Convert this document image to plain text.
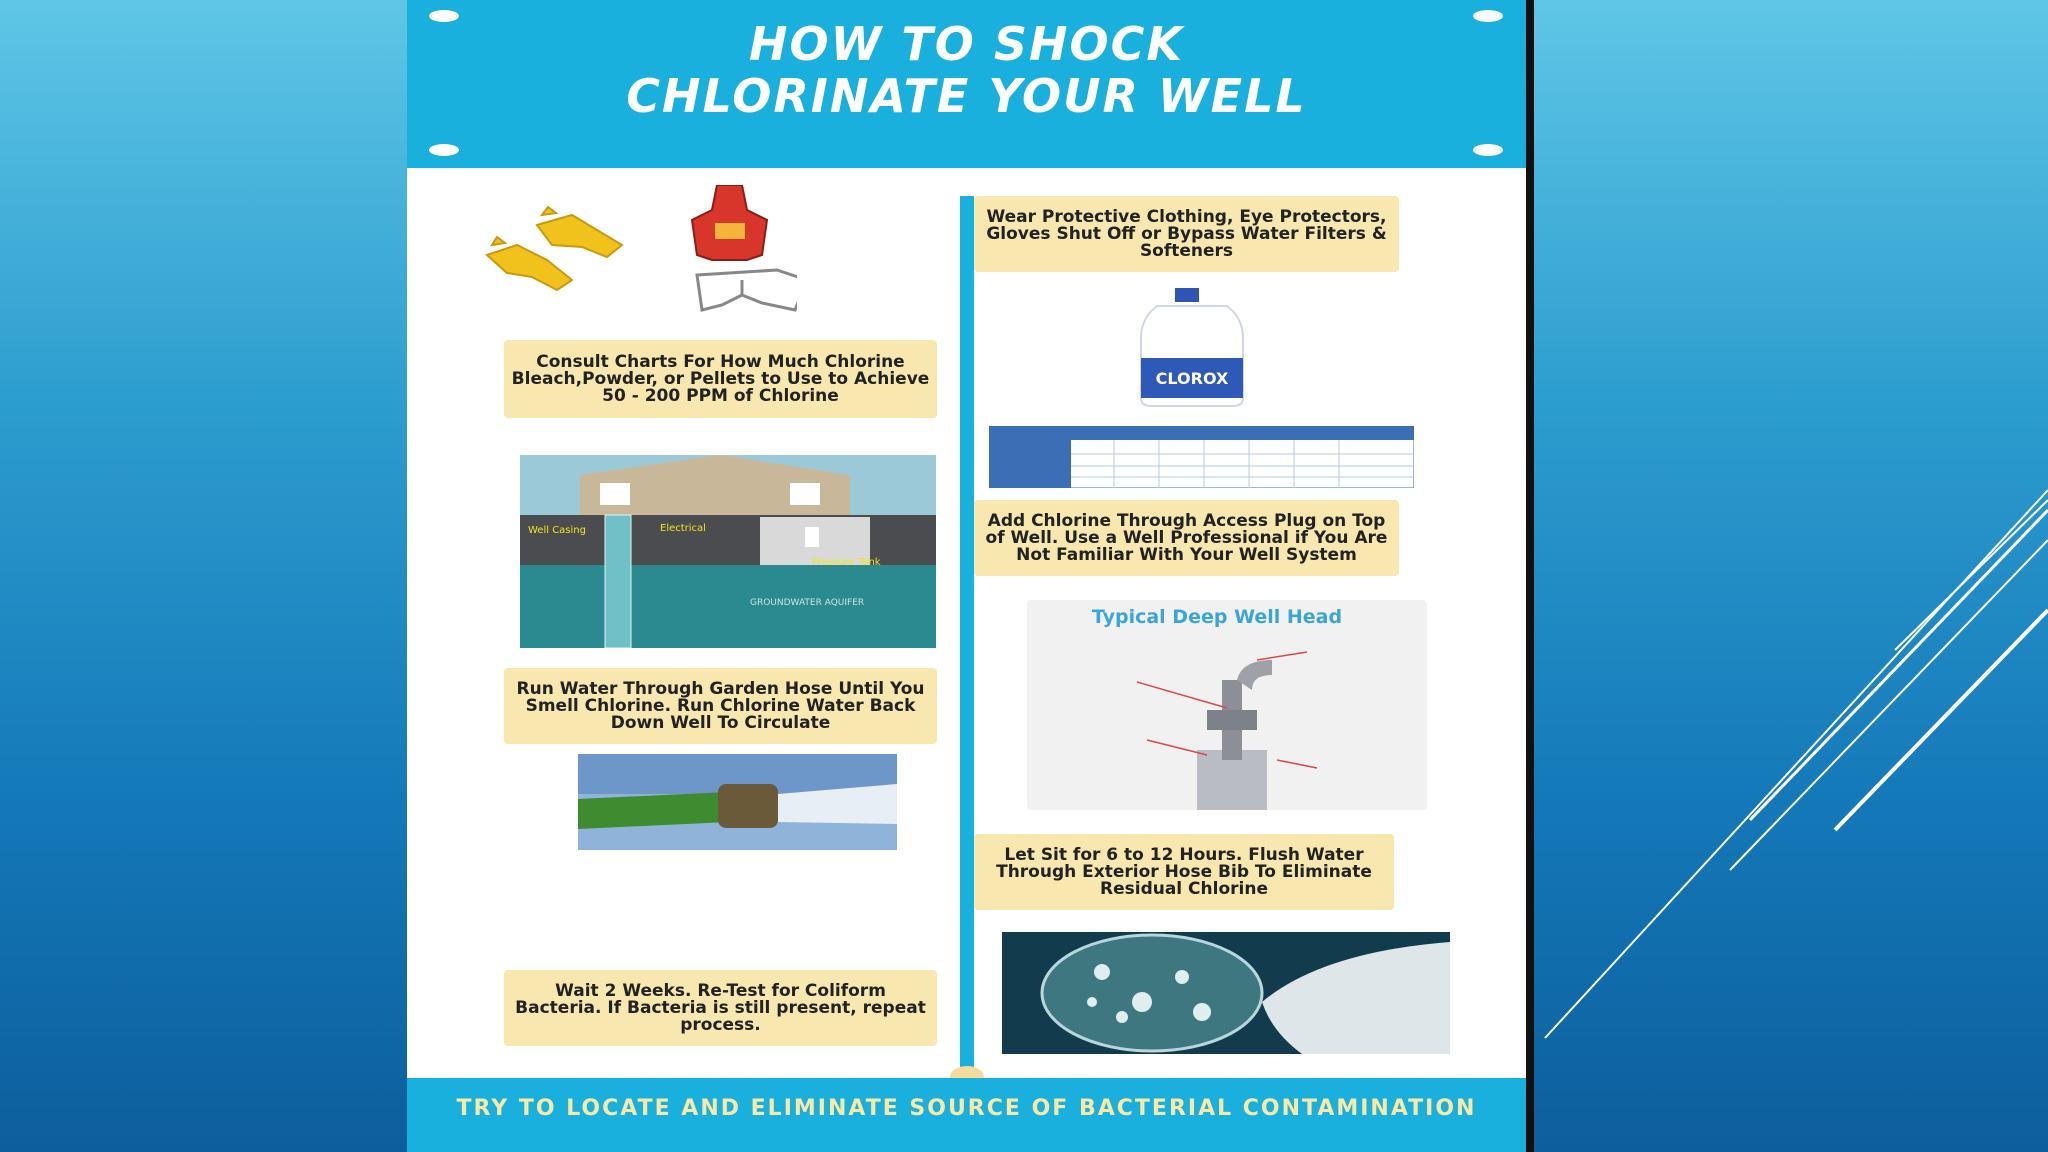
HOW TO SHOCK
CHLORINATE YOUR WELL
Consult Charts For How Much Chlorine Bleach,Powder, or Pellets to Use to Achieve 50 - 200 PPM of Chlorine
Wear Protective Clothing, Eye Protectors, Gloves Shut Off or Bypass Water Filters & Softeners
CLOROX
Add Chlorine Through Access Plug on Top of Well. Use a Well Professional if You Are Not Familiar With Your Well System
Well Casing	Electrical
Pressure Tank
GROUNDWATER AQUIFER
Run Water Through Garden Hose Until You Smell Chlorine. Run Chlorine Water Back Down Well To Circulate
Typical Deep Well Head
Let Sit for 6 to 12 Hours. Flush Water Through Exterior Hose Bib To Eliminate Residual Chlorine
Wait 2 Weeks. Re-Test for Coliform Bacteria. If Bacteria is still present, repeat process.
TRY TO LOCATE AND ELIMINATE SOURCE OF BACTERIAL CONTAMINATION
